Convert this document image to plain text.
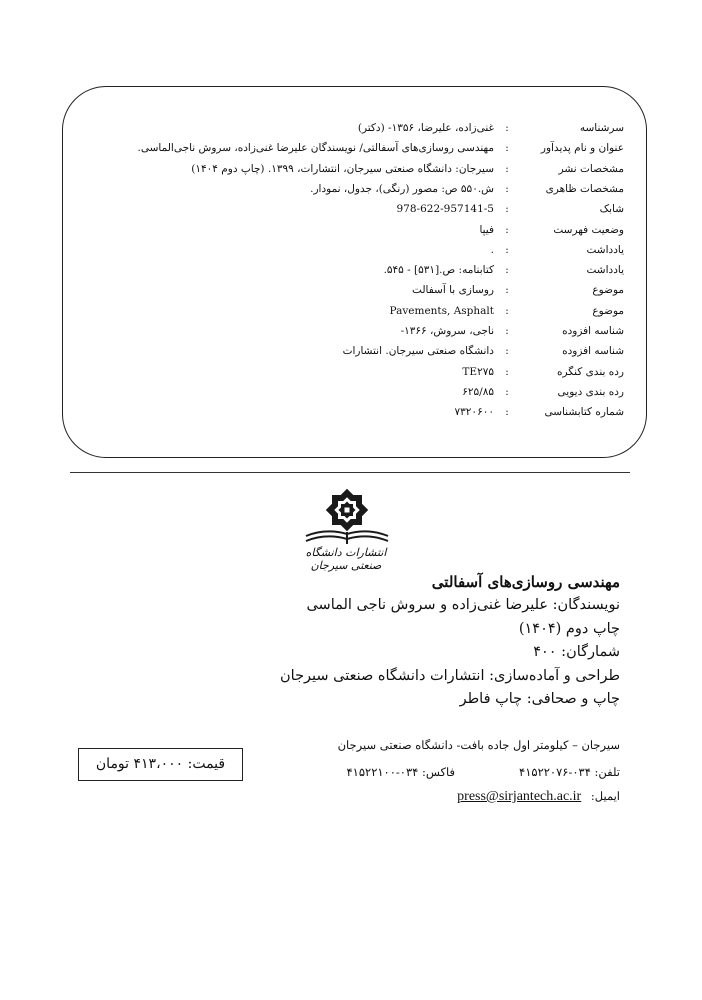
سرشناسه
:
غنی‌زاده، علیرضا، ۱۳۵۶- (دکتر)
عنوان و نام پدیدآور
:
مهندسی روسازی‌های آسفالتی/ نویسندگان علیرضا غنی‌زاده، سروش ناجی‌الماسی.
مشخصات نشر
:
سیرجان: دانشگاه صنعتی سیرجان، انتشارات، ۱۳۹۹. (چاپ دوم ۱۴۰۴)
مشخصات ظاهری
:
ش.۵۵۰ ص: مصور (رنگی)، جدول، نمودار.
شابک
:
978-622-957141-5
وضعیت فهرست
:
فیپا
یادداشت
:
.
یادداشت
:
کتابنامه: ص.[۵۳۱] - ۵۴۵.
موضوع
:
روسازی با آسفالت
موضوع
:
Pavements, Asphalt
شناسه افزوده
:
ناجی، سروش، ۱۳۶۶-
شناسه افزوده
:
دانشگاه صنعتی سیرجان. انتشارات
رده بندی کنگره
:
TE۲۷۵
رده بندی دیویی
:
۶۲۵/۸۵
شماره کتابشناسی
:
۷۳۲۰۶۰۰
انتشارات دانشگاه صنعتی سیرجان
مهندسی روسازی‌های آسفالتی
نویسندگان: علیرضا غنی‌زاده و سروش ناجی الماسی
چاپ دوم (۱۴۰۴)
شمارگان: ۴۰۰
طراحی و آماده‌سازی: انتشارات دانشگاه صنعتی سیرجان
چاپ و صحافی: چاپ فاطر
قیمت: ۴۱۳،۰۰۰ تومان
سیرجان – کیلومتر اول جاده بافت- دانشگاه صنعتی سیرجان
تلفن: ۰۳۴-۴۱۵۲۲۰۷۶
فاکس: ۰۳۴-۴۱۵۲۲۱۰۰
ایمیل: press@sirjantech.ac.ir
